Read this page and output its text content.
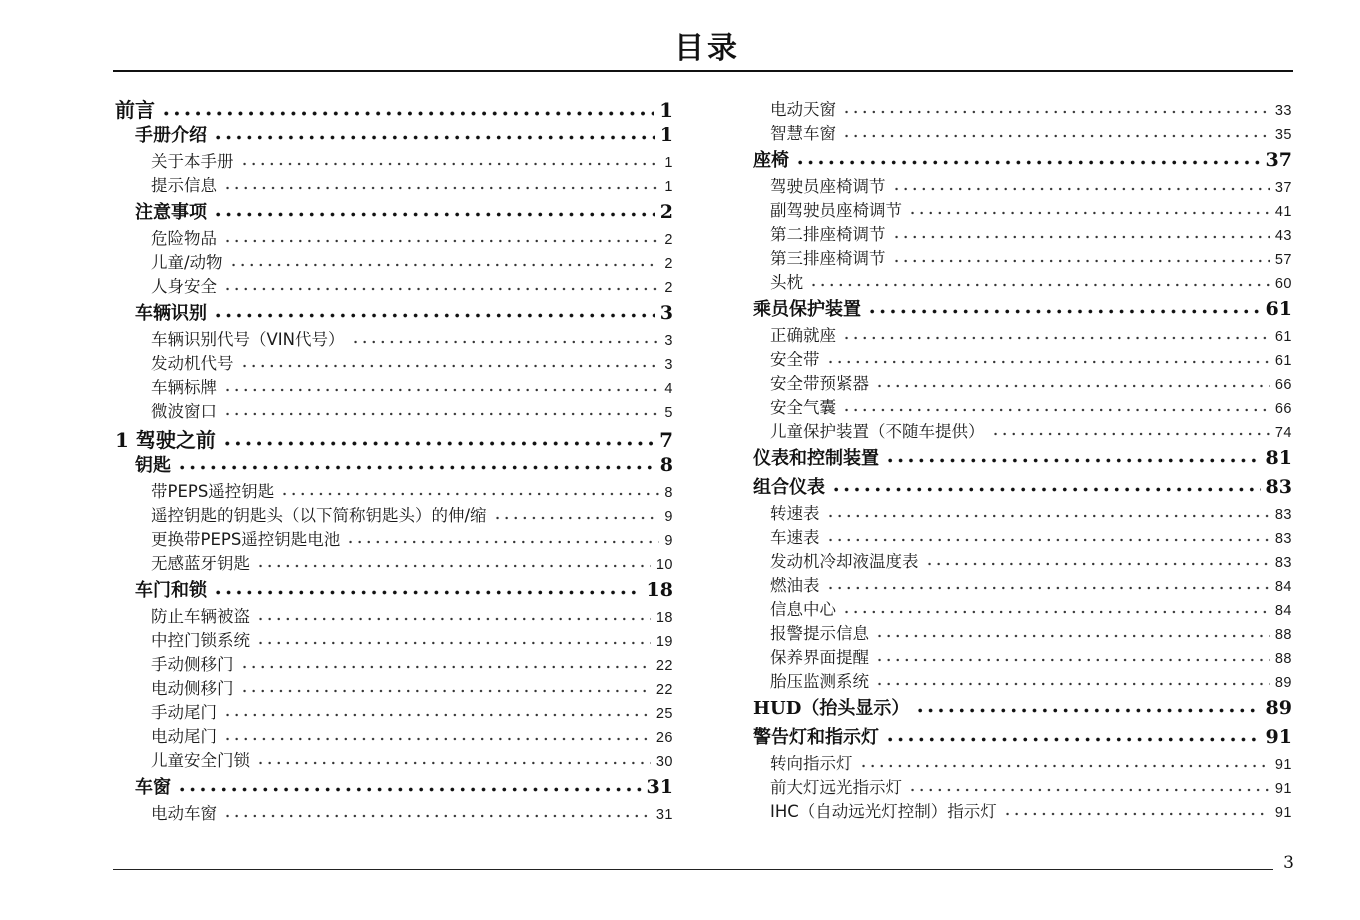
目录
前言	1
手册介绍	1
关于本手册	1
提示信息	1
注意事项	2
危险物品	2
儿童/动物	2
人身安全	2
车辆识别	3
车辆识别代号（VIN代号）	3
发动机代号	3
车辆标牌	4
微波窗口	5
1 驾驶之前	7
钥匙	8
带PEPS遥控钥匙	8
遥控钥匙的钥匙头（以下简称钥匙头）的伸/缩	9
更换带PEPS遥控钥匙电池	9
无感蓝牙钥匙	10
车门和锁	18
防止车辆被盗	18
中控门锁系统	19
手动侧移门	22
电动侧移门	22
手动尾门	25
电动尾门	26
儿童安全门锁	30
车窗	31
电动车窗	31
电动天窗	33
智慧车窗	35
座椅	37
驾驶员座椅调节	37
副驾驶员座椅调节	41
第二排座椅调节	43
第三排座椅调节	57
头枕	60
乘员保护装置	61
正确就座	61
安全带	61
安全带预紧器	66
安全气囊	66
儿童保护装置（不随车提供）	74
仪表和控制装置	81
组合仪表	83
转速表	83
车速表	83
发动机冷却液温度表	83
燃油表	84
信息中心	84
报警提示信息	88
保养界面提醒	88
胎压监测系统	89
HUD（抬头显示）	89
警告灯和指示灯	91
转向指示灯	91
前大灯远光指示灯	91
IHC（自动远光灯控制）指示灯	91
3
